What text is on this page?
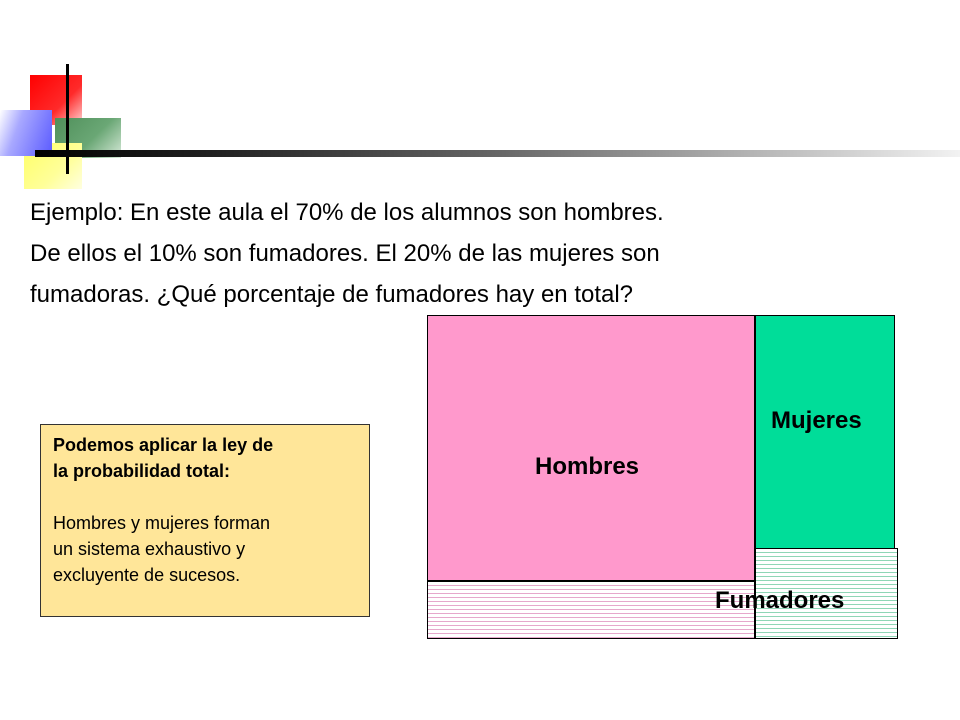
Ejemplo: En este aula el 70% de los alumnos son hombres.

De ellos el 10% son fumadores. El 20% de las mujeres son

fumadoras. ¿Qué porcentaje de fumadores hay en total?

Podemos aplicar la ley de
la probabilidad total:
Hombres y mujeres forman
un sistema exhaustivo y
excluyente de sucesos.
Hombres
Mujeres
Fumadores
